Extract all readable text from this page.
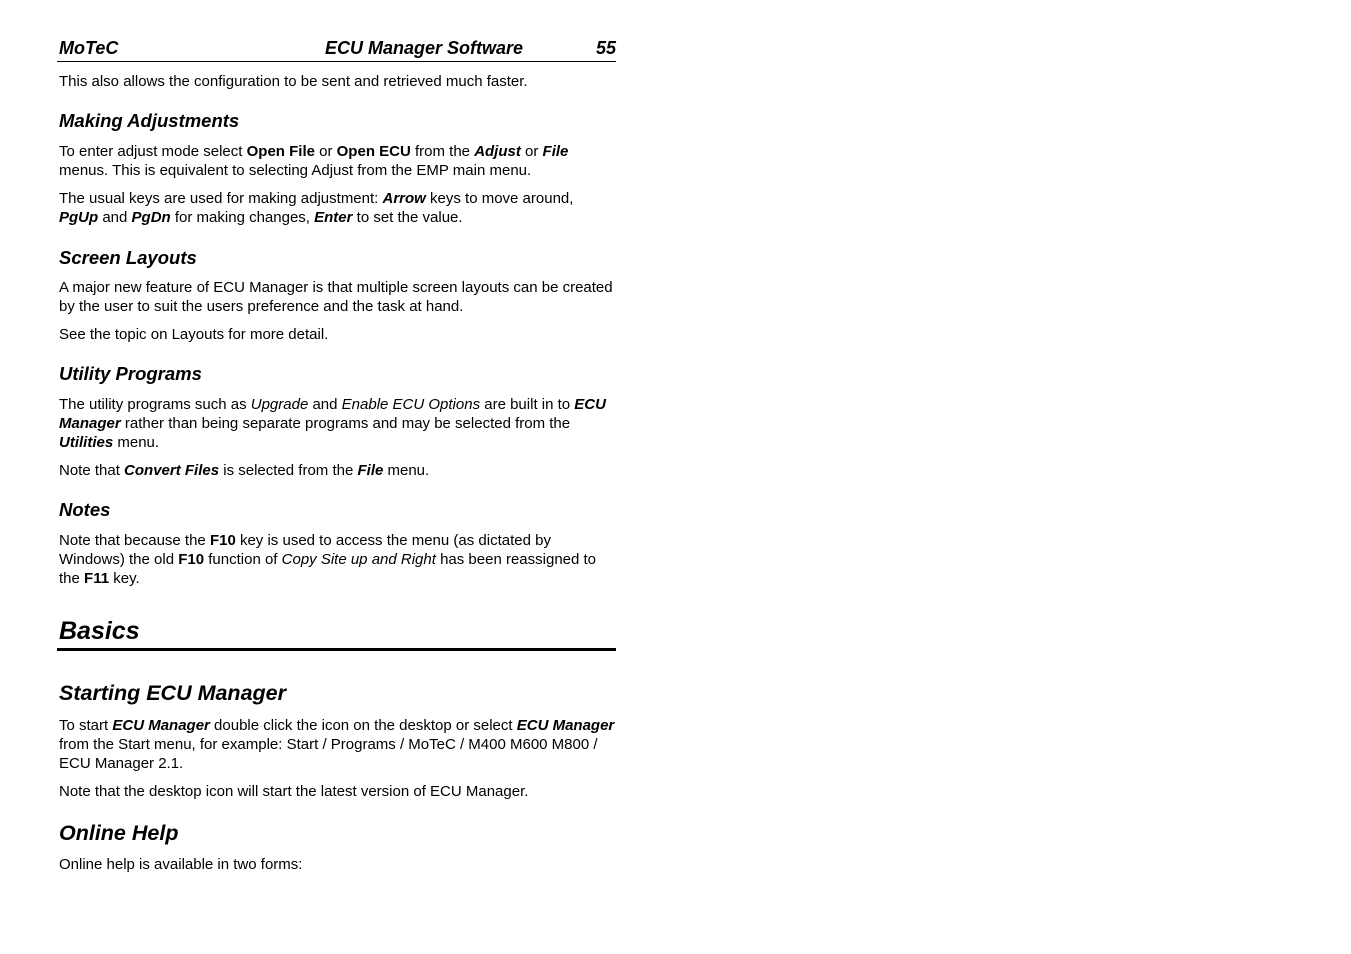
MoTeC	ECU Manager Software	55

This also allows the configuration to be sent and retrieved much faster.

Making Adjustments

To enter adjust mode select Open File or Open ECU from the Adjust or File menus. This is equivalent to selecting Adjust from the EMP main menu.

The usual keys are used for making adjustment: Arrow keys to move around, PgUp and PgDn for making changes, Enter to set the value.

Screen Layouts

A major new feature of ECU Manager is that multiple screen layouts can be created by the user to suit the users preference and the task at hand.

See the topic on Layouts for more detail.

Utility Programs

The utility programs such as Upgrade and Enable ECU Options are built in to ECU Manager rather than being separate programs and may be selected from the Utilities menu.

Note that Convert Files is selected from the File menu.

Notes

Note that because the F10 key is used to access the menu (as dictated by Windows) the old F10 function of Copy Site up and Right has been reassigned to the F11 key.

Basics
Starting ECU Manager

To start ECU Manager double click the icon on the desktop or select ECU Manager from the Start menu, for example: Start / Programs / MoTeC / M400 M600 M800 / ECU Manager 2.1.

Note that the desktop icon will start the latest version of ECU Manager.

Online Help

Online help is available in two forms:
